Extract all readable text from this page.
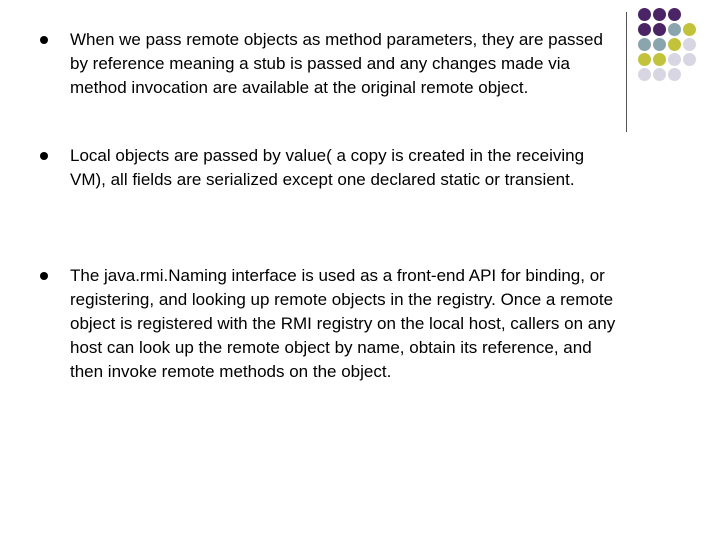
When we pass remote objects as method parameters, they are passed by reference meaning a stub is passed and any changes made via method invocation are available at the original remote object.

Local objects are passed by value( a copy is created in the receiving VM), all fields are serialized except one declared static or transient.

The java.rmi.Naming interface is used as a front-end API for binding, or registering, and looking up remote objects in the registry. Once a remote object is registered with the RMI registry on the local host, callers on any host can look up the remote object by name, obtain its reference, and then invoke remote methods on the object.
